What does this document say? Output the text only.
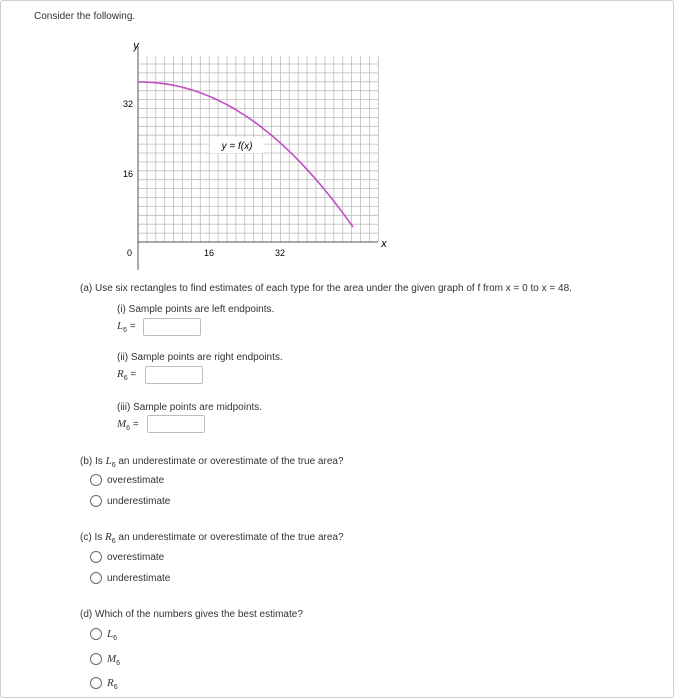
Consider the following.
y
x
32
16
0	16	32
y = f(x)
(a) Use six rectangles to find estimates of each type for the area under the given graph of f from x = 0 to x = 48.
(i) Sample points are left endpoints.
$L_6$ =
(ii) Sample points are right endpoints.
$R_6$ =
(iii) Sample points are midpoints.
$M_6$ =
(b) Is $L_6$ an underestimate or overestimate of the true area?
overestimate
underestimate
(c) Is $R_6$ an underestimate or overestimate of the true area?
overestimate
underestimate
(d) Which of the numbers gives the best estimate?
$L_6$
$M_6$
$R_6$
